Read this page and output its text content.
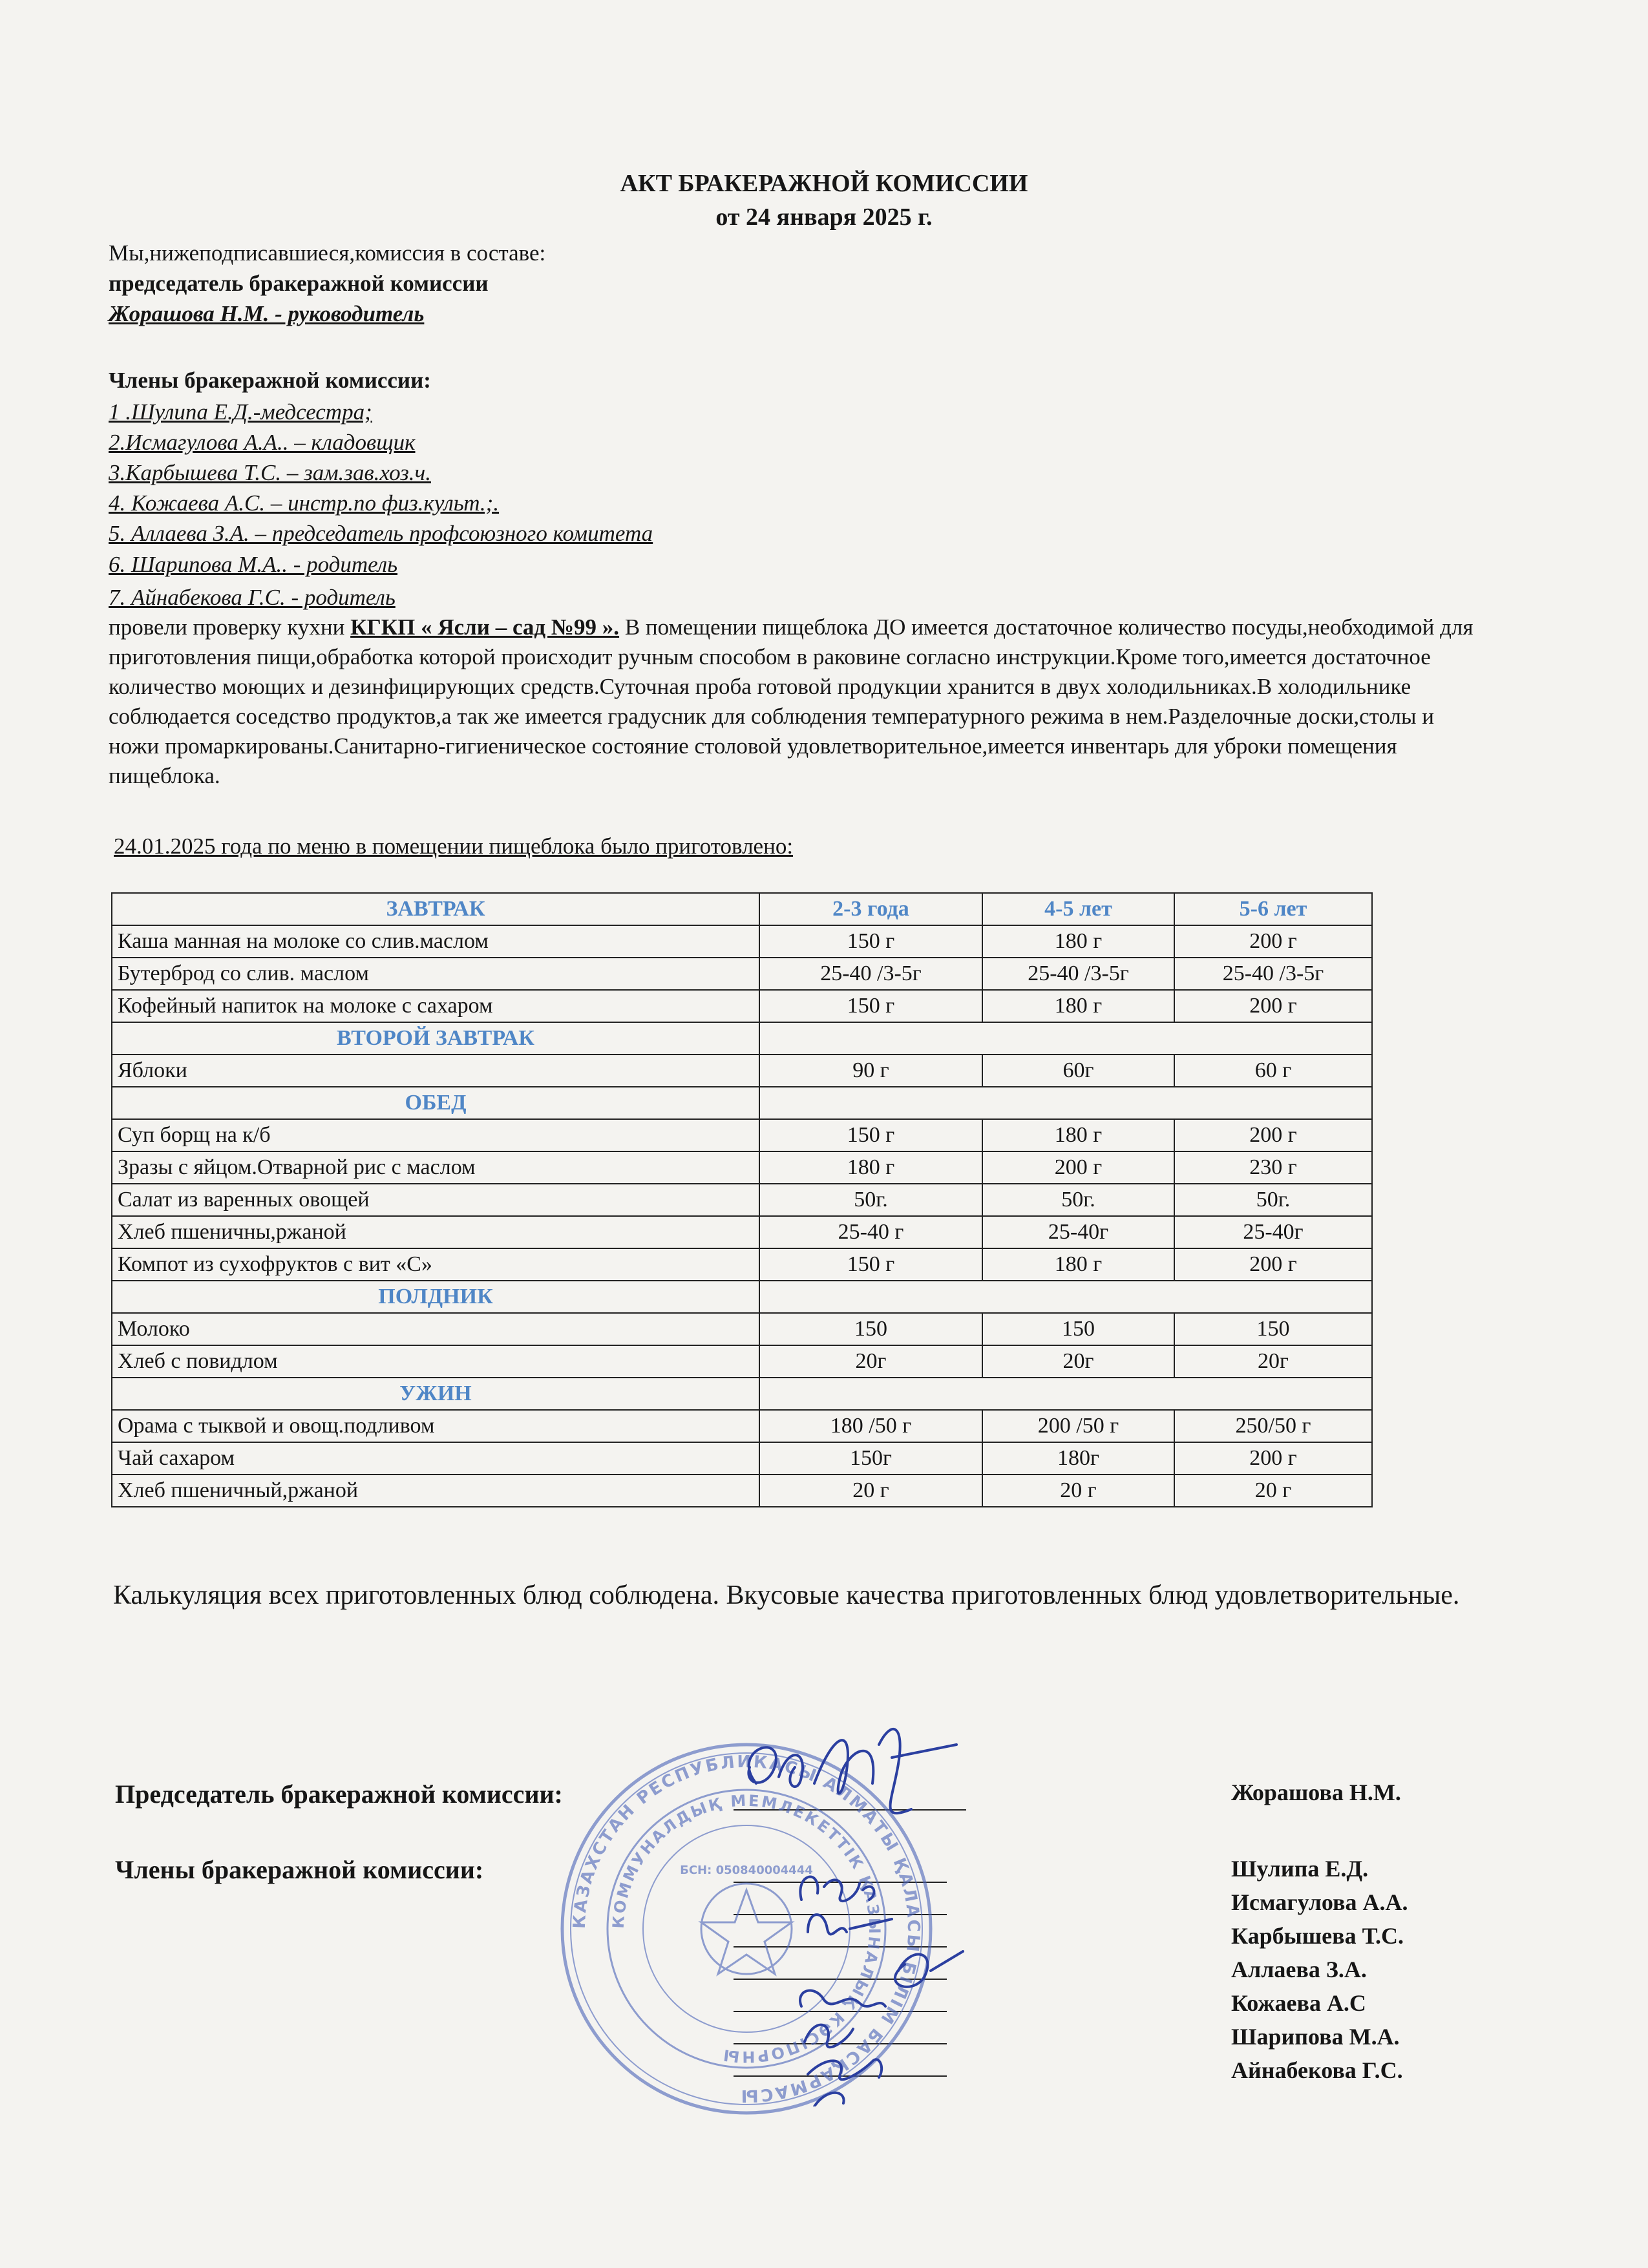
АКТ БРАКЕРАЖНОЙ КОМИССИИ
от 24 января 2025 г.
Мы,нижеподписавшиеся,комиссия в составе:
председатель бракеражной комиссии
Жорашова Н.М. - руководитель
Члены бракеражной комиссии:
1 .Шулипа Е.Д.-медсестра;
2.Исмагулова А.А.. – кладовщик
3.Карбышева Т.С. – зам.зав.хоз.ч.
4. Кожаева А.С. – инстр.по физ.культ.;.
5. Аллаева З.А. – председатель профсоюзного комитета
6. Шарипова М.А.. - родитель
7. Айнабекова Г.С. - родитель
провели проверку кухни КГКП « Ясли – сад №99 ». В помещении пищеблока ДО имеется достаточное количество посуды,необходимой для приготовления пищи,обработка которой происходит ручным способом в раковине согласно инструкции.Кроме того,имеется достаточное количество моющих и дезинфицирующих средств.Суточная проба готовой продукции хранится в двух холодильниках.В холодильнике соблюдается соседство продуктов,а так же имеется градусник для соблюдения температурного режима в нем.Разделочные доски,столы и ножи промаркированы.Санитарно-гигиеническое состояние столовой удовлетворительное,имеется инвентарь для уброки помещения пищеблока.
24.01.2025 года по меню в помещении пищеблока было приготовлено:
ЗАВТРАК	2-3 года	4-5 лет	5-6 лет
Каша манная на молоке со слив.маслом	150 г	180 г	200 г
Бутерброд со слив. маслом	25-40 /3-5г	25-40 /3-5г	25-40 /3-5г
Кофейный напиток на молоке с сахаром	150 г	180 г	200 г
ВТОРОЙ ЗАВТРАК			
Яблоки	90 г	60г	60 г
ОБЕД			
Суп борщ на к/б	150 г	180 г	200 г
Зразы с яйцом.Отварной рис с маслом	180 г	200 г	230 г
Салат из варенных овощей	50г.	50г.	50г.
Хлеб пшеничны,ржаной	25-40 г	25-40г	25-40г
Компот из сухофруктов с вит «С»	150 г	180 г	200 г
ПОЛДНИК			
Молоко	150	150	150
Хлеб с повидлом	20г	20г	20г
УЖИН			
Орама с тыквой и овощ.подливом	180 /50 г	200 /50 г	250/50 г
Чай сахаром	150г	180г	200 г
Хлеб пшеничный,ржаной	20 г	20 г	20 г
Калькуляция всех приготовленных блюд соблюдена. Вкусовые качества приготовленных блюд удовлетворительные.
Председатель бракеражной комиссии:	Жорашова Н.М.
Члены бракеражной комиссии:	Шулипа Е.Д.
Исмагулова А.А.
Карбышева Т.С.
Аллаева З.А.
Кожаева А.С
Шарипова М.А.
Айнабекова Г.С.
КАЗАХСТАН РЕСПУБЛИКАСЫ АЛМАТЫ ҚАЛАСЫ БІЛІМ БАСҚАРМАСЫ
КОММУНАЛДЫҚ МЕМЛЕКЕТТІК ҚАЗЫНАЛЫҚ КӘСІПОРНЫ
БСН: 050840004444
